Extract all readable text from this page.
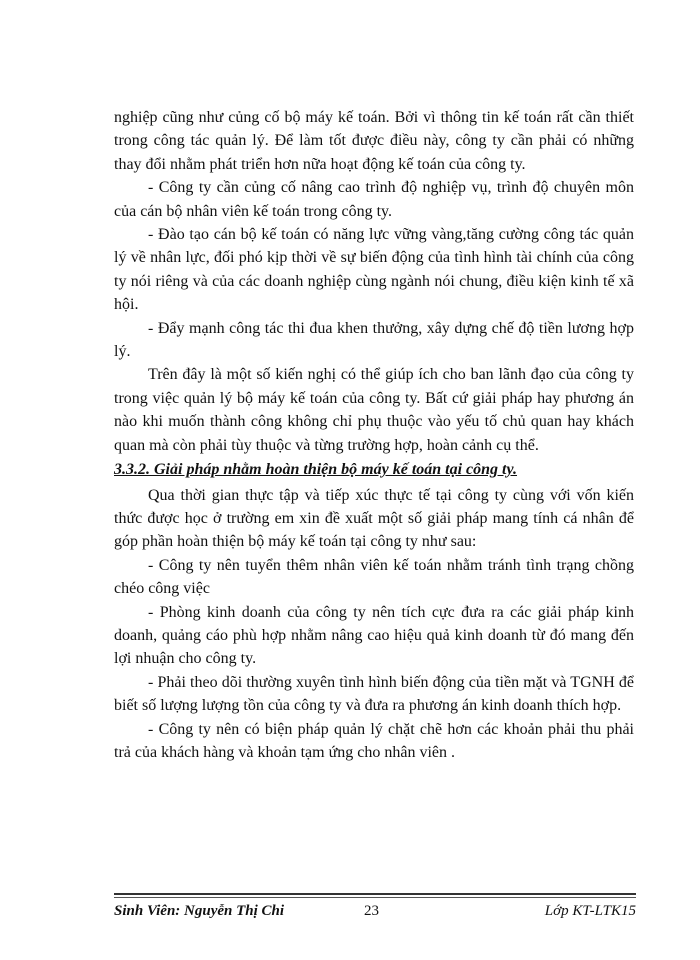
nghiệp cũng như củng cố bộ máy kế toán. Bởi vì thông tin kế toán rất cần thiết trong công tác quản lý. Để làm tốt được điều này, công ty cần phải có những thay đổi nhằm phát triển hơn nữa hoạt động kế toán của công ty.

- Công ty cần củng cố nâng cao trình độ nghiệp vụ, trình độ chuyên môn của cán bộ nhân viên kế toán trong công ty.

- Đào tạo cán bộ kế toán có năng lực vững vàng,tăng cường công tác quản lý về nhân lực, đối phó kịp thời về sự biến động của tình hình tài chính của công ty nói riêng và của các doanh nghiệp cùng ngành nói chung, điều kiện kinh tế xã hội.

- Đẩy mạnh công tác thi đua khen thưởng, xây dựng chế độ tiền lương hợp lý.

Trên đây là một số kiến nghị có thể giúp ích cho ban lãnh đạo của công ty trong việc quản lý bộ máy kế toán của công ty. Bất cứ giải pháp hay phương án nào khi muốn thành công không chỉ phụ thuộc vào yếu tố chủ quan hay khách quan mà còn phải tùy thuộc và từng trường hợp, hoàn cảnh cụ thể.

3.3.2. Giải pháp nhằm hoàn thiện bộ máy kế toán tại công ty.

Qua thời gian thực tập và tiếp xúc thực tế tại công ty cùng với vốn kiến thức được học ở trường em xin đề xuất một số giải pháp mang tính cá nhân để góp phần hoàn thiện bộ máy kế toán tại công ty như sau:

- Công ty nên tuyển thêm nhân viên kế toán nhằm tránh tình trạng chồng chéo công việc

- Phòng kinh doanh của công ty nên tích cực đưa ra các giải pháp kinh doanh, quảng cáo phù hợp nhằm nâng cao hiệu quả kinh doanh từ đó mang đến lợi nhuận cho công ty.

- Phải theo dõi thường xuyên tình hình biến động của tiền mặt và TGNH để biết số lượng lượng tồn của công ty và đưa ra phương án kinh doanh thích hợp.

- Công ty nên có biện pháp quản lý chặt chẽ hơn các khoản phải thu phải trả của khách hàng và khoản tạm ứng cho nhân viên .

Sinh Viên: Nguyễn Thị Chi	23	Lớp KT-LTK15
